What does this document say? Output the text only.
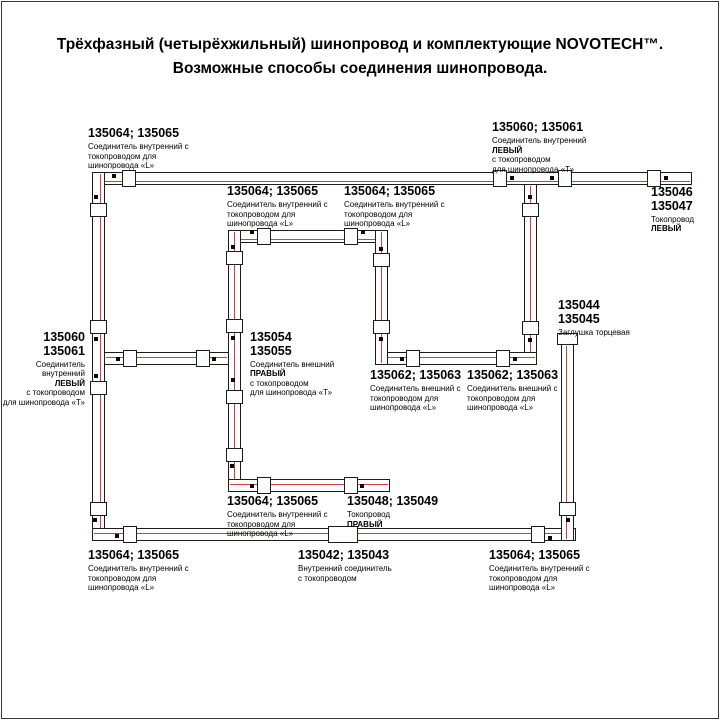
Трёхфазный (четырёхжильный) шинопровод и комплектующие NOVOTECH™.
Возможные способы соединения шинопровода.
135064; 135065
Соединитель внутренний с
токопроводом для
шинопровода «L»
135060; 135061
Соединитель внутренний
ЛЕВЫЙ
с токопроводом
для шинопровода «Т»
135064; 135065
Соединитель внутренний с
токопроводом для
шинопровода «L»
135064; 135065
Соединитель внутренний с
токопроводом для
шинопровода «L»
135046
135047
Токопровод
ЛЕВЫЙ
135044
135045
Заглушка торцевая
135060
135061
Соединитель внутренний
ЛЕВЫЙ
с токопроводом
для шинопровода «Т»
135054
135055
Соединитель внешний
ПРАВЫЙ
с токопроводом
для шинопровода «Т»
135062; 135063
Соединитель внешний с
токопроводом для
шинопровода «L»
135062; 135063
Соединитель внешний с
токопроводом для
шинопровода «L»
135064; 135065
Соединитель внутренний с
токопроводом для
шинопровода «L»
135048; 135049
Токопровод
ПРАВЫЙ
135064; 135065
Соединитель внутренний с
токопроводом для
шинопровода «L»
135042; 135043
Внутренний соединитель
с токопроводом
135064; 135065
Соединитель внутренний с
токопроводом для
шинопровода «L»
